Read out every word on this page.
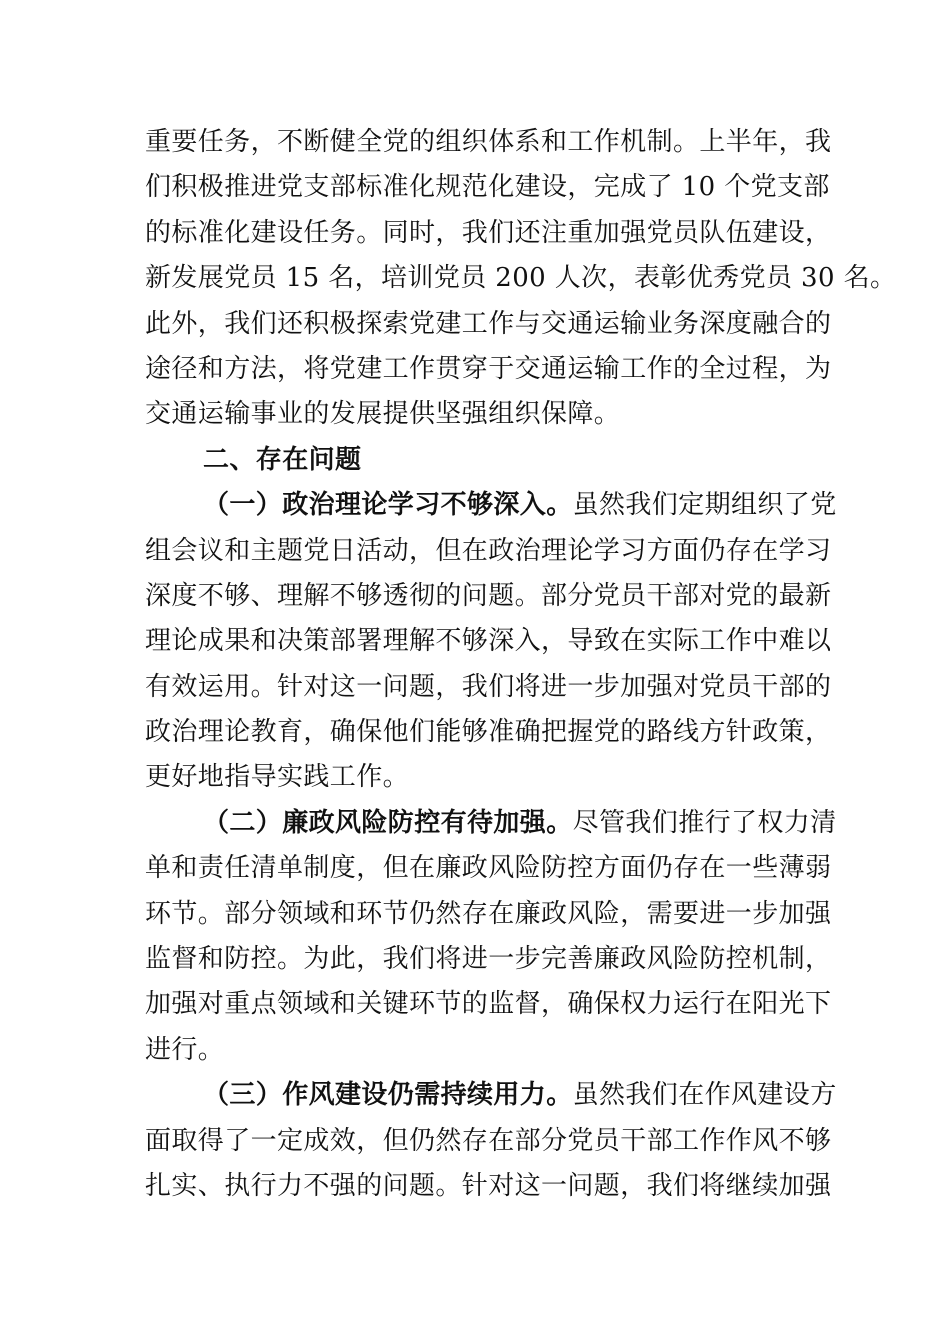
重要任务，不断健全党的组织体系和工作机制。上半年，我
们积极推进党支部标准化规范化建设，完成了 10 个党支部
的标准化建设任务。同时，我们还注重加强党员队伍建设，
新发展党员 15 名，培训党员 200 人次，表彰优秀党员 30 名。
此外，我们还积极探索党建工作与交通运输业务深度融合的
途径和方法，将党建工作贯穿于交通运输工作的全过程，为
交通运输事业的发展提供坚强组织保障。
二、存在问题
（一）政治理论学习不够深入。虽然我们定期组织了党
组会议和主题党日活动，但在政治理论学习方面仍存在学习
深度不够、理解不够透彻的问题。部分党员干部对党的最新
理论成果和决策部署理解不够深入，导致在实际工作中难以
有效运用。针对这一问题，我们将进一步加强对党员干部的
政治理论教育，确保他们能够准确把握党的路线方针政策，
更好地指导实践工作。
（二）廉政风险防控有待加强。尽管我们推行了权力清
单和责任清单制度，但在廉政风险防控方面仍存在一些薄弱
环节。部分领域和环节仍然存在廉政风险，需要进一步加强
监督和防控。为此，我们将进一步完善廉政风险防控机制，
加强对重点领域和关键环节的监督，确保权力运行在阳光下
进行。
（三）作风建设仍需持续用力。虽然我们在作风建设方
面取得了一定成效，但仍然存在部分党员干部工作作风不够
扎实、执行力不强的问题。针对这一问题，我们将继续加强
